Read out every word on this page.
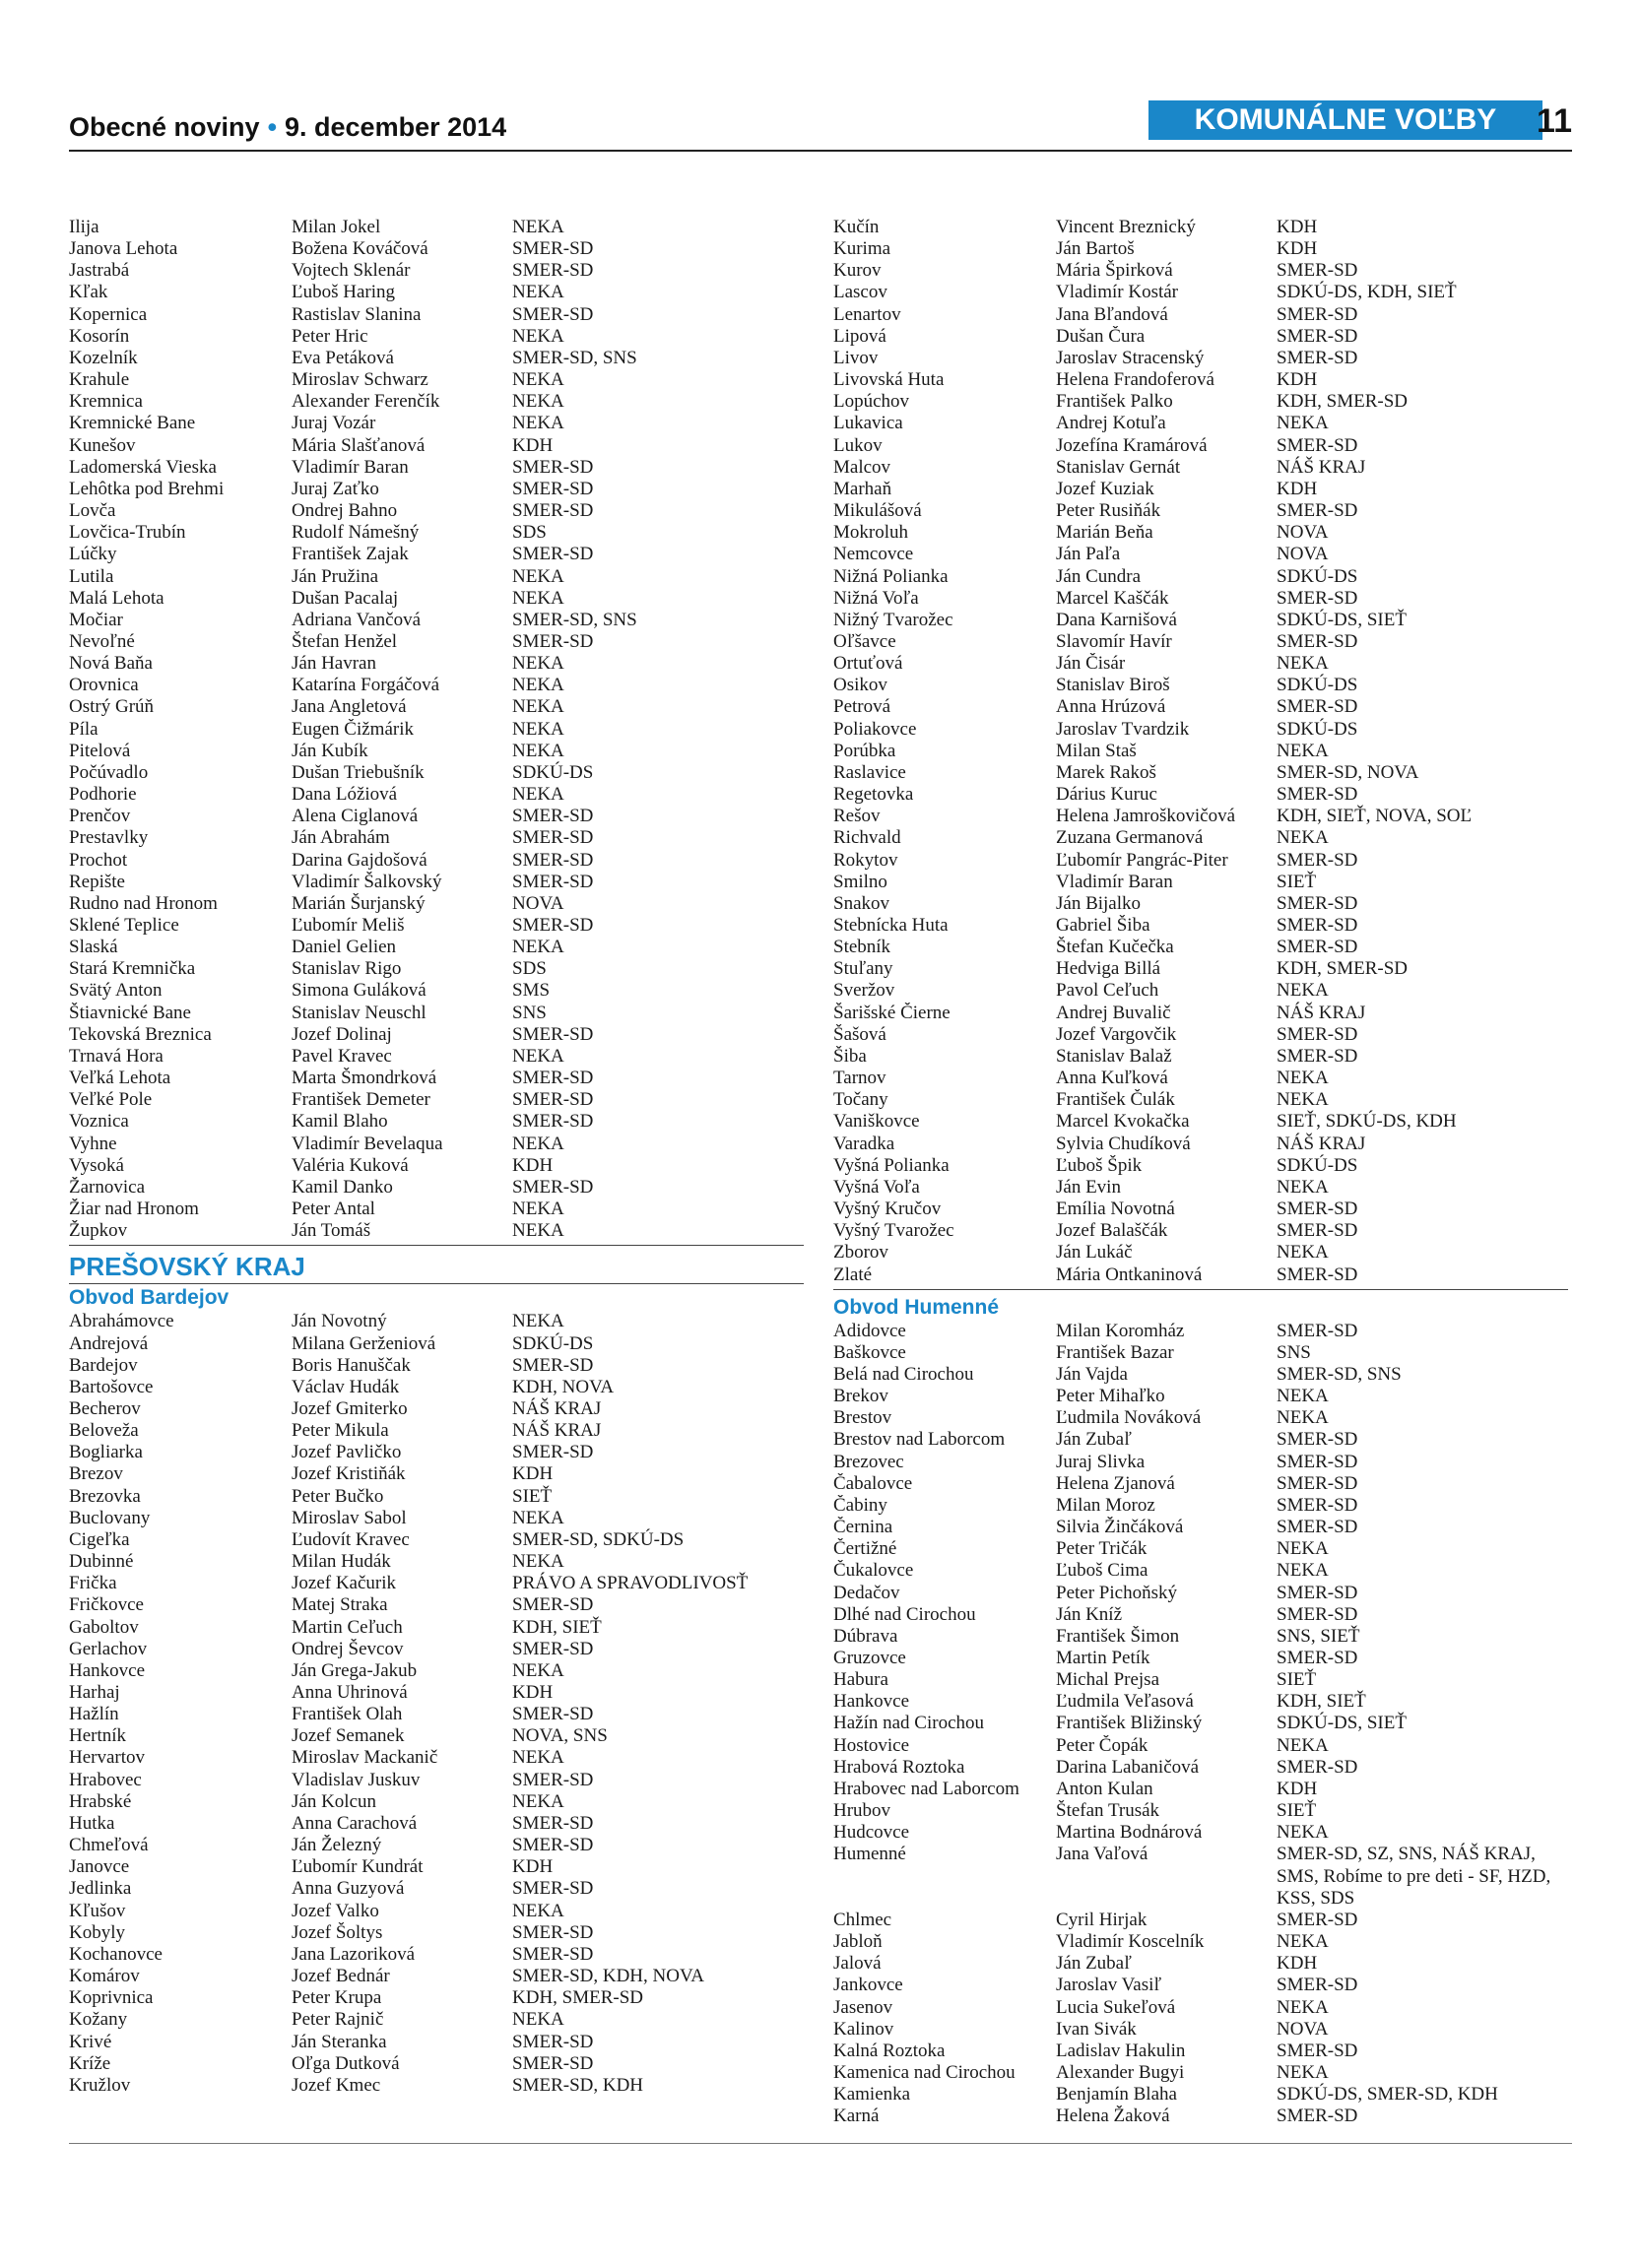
Obecné noviny • 9. december 2014	KOMUNÁLNE VOĽBY	11
Ilija	Milan Jokel	NEKA
Janova Lehota	Božena Kováčová	SMER-SD
Jastrabá	Vojtech Sklenár	SMER-SD
Kľak	Ľuboš Haring	NEKA
Kopernica	Rastislav Slanina	SMER-SD
Kosorín	Peter Hric	NEKA
Kozelník	Eva Petáková	SMER-SD, SNS
Krahule	Miroslav Schwarz	NEKA
Kremnica	Alexander Ferenčík	NEKA
Kremnické Bane	Juraj Vozár	NEKA
Kunešov	Mária Slašťanová	KDH
Ladomerská Vieska	Vladimír Baran	SMER-SD
Lehôtka pod Brehmi	Juraj Zaťko	SMER-SD
Lovča	Ondrej Bahno	SMER-SD
Lovčica-Trubín	Rudolf Námešný	SDS
Lúčky	František Zajak	SMER-SD
Lutila	Ján Pružina	NEKA
Malá Lehota	Dušan Pacalaj	NEKA
Močiar	Adriana Vančová	SMER-SD, SNS
Nevoľné	Štefan Henžel	SMER-SD
Nová Baňa	Ján Havran	NEKA
Orovnica	Katarína Forgáčová	NEKA
Ostrý Grúň	Jana Angletová	NEKA
Píla	Eugen Čižmárik	NEKA
Pitelová	Ján Kubík	NEKA
Počúvadlo	Dušan Triebušník	SDKÚ-DS
Podhorie	Dana Lóžiová	NEKA
Prenčov	Alena Ciglanová	SMER-SD
Prestavlky	Ján Abrahám	SMER-SD
Prochot	Darina Gajdošová	SMER-SD
Repište	Vladimír Šalkovský	SMER-SD
Rudno nad Hronom	Marián Šurjanský	NOVA
Sklené Teplice	Ľubomír Meliš	SMER-SD
Slaská	Daniel Gelien	NEKA
Stará Kremnička	Stanislav Rigo	SDS
Svätý Anton	Simona Guláková	SMS
Štiavnické Bane	Stanislav Neuschl	SNS
Tekovská Breznica	Jozef Dolinaj	SMER-SD
Trnavá Hora	Pavel Kravec	NEKA
Veľká Lehota	Marta Šmondrková	SMER-SD
Veľké Pole	František Demeter	SMER-SD
Voznica	Kamil Blaho	SMER-SD
Vyhne	Vladimír Bevelaqua	NEKA
Vysoká	Valéria Kuková	KDH
Žarnovica	Kamil Danko	SMER-SD
Žiar nad Hronom	Peter Antal	NEKA
Župkov	Ján Tomáš	NEKA
PREŠOVSKÝ KRAJ
Obvod Bardejov
Abrahámovce	Ján Novotný	NEKA
Andrejová	Milana Gerženiová	SDKÚ-DS
Bardejov	Boris Hanuščak	SMER-SD
Bartošovce	Václav Hudák	KDH, NOVA
Becherov	Jozef Gmiterko	NÁŠ KRAJ
Beloveža	Peter Mikula	NÁŠ KRAJ
Bogliarka	Jozef Pavličko	SMER-SD
Brezov	Jozef Kristiňák	KDH
Brezovka	Peter Bučko	SIEŤ
Buclovany	Miroslav Sabol	NEKA
Cigeľka	Ľudovít Kravec	SMER-SD, SDKÚ-DS
Dubinné	Milan Hudák	NEKA
Frička	Jozef Kačurik	PRÁVO A SPRAVODLIVOSŤ
Fričkovce	Matej Straka	SMER-SD
Gaboltov	Martin Ceľuch	KDH, SIEŤ
Gerlachov	Ondrej Ševcov	SMER-SD
Hankovce	Ján Grega-Jakub	NEKA
Harhaj	Anna Uhrinová	KDH
Hažlín	František Olah	SMER-SD
Hertník	Jozef Semanek	NOVA, SNS
Hervartov	Miroslav Mackanič	NEKA
Hrabovec	Vladislav Juskuv	SMER-SD
Hrabské	Ján Kolcun	NEKA
Hutka	Anna Carachová	SMER-SD
Chmeľová	Ján Železný	SMER-SD
Janovce	Ľubomír Kundrát	KDH
Jedlinka	Anna Guzyová	SMER-SD
Kľušov	Jozef Valko	NEKA
Kobyly	Jozef Šoltys	SMER-SD
Kochanovce	Jana Lazoriková	SMER-SD
Komárov	Jozef Bednár	SMER-SD, KDH, NOVA
Koprivnica	Peter Krupa	KDH, SMER-SD
Kožany	Peter Rajnič	NEKA
Krivé	Ján Steranka	SMER-SD
Kríže	Oľga Dutková	SMER-SD
Kružlov	Jozef Kmec	SMER-SD, KDH
Kučín	Vincent Breznický	KDH
Kurima	Ján Bartoš	KDH
Kurov	Mária Špirková	SMER-SD
Lascov	Vladimír Kostár	SDKÚ-DS, KDH, SIEŤ
Lenartov	Jana Bľandová	SMER-SD
Lipová	Dušan Čura	SMER-SD
Livov	Jaroslav Stracenský	SMER-SD
Livovská Huta	Helena Frandoferová	KDH
Lopúchov	František Palko	KDH, SMER-SD
Lukavica	Andrej Kotuľa	NEKA
Lukov	Jozefína Kramárová	SMER-SD
Malcov	Stanislav Gernát	NÁŠ KRAJ
Marhaň	Jozef Kuziak	KDH
Mikulášová	Peter Rusiňák	SMER-SD
Mokroluh	Marián Beňa	NOVA
Nemcovce	Ján Paľa	NOVA
Nižná Polianka	Ján Cundra	SDKÚ-DS
Nižná Voľa	Marcel Kaščák	SMER-SD
Nižný Tvarožec	Dana Karnišová	SDKÚ-DS, SIEŤ
Oľšavce	Slavomír Havír	SMER-SD
Ortuťová	Ján Čisár	NEKA
Osikov	Stanislav Biroš	SDKÚ-DS
Petrová	Anna Hrúzová	SMER-SD
Poliakovce	Jaroslav Tvardzik	SDKÚ-DS
Porúbka	Milan Staš	NEKA
Raslavice	Marek Rakoš	SMER-SD, NOVA
Regetovka	Dárius Kuruc	SMER-SD
Rešov	Helena Jamroškovičová	KDH, SIEŤ, NOVA, SOĽ
Richvald	Zuzana Germanová	NEKA
Rokytov	Ľubomír Pangrác-Piter	SMER-SD
Smilno	Vladimír Baran	SIEŤ
Snakov	Ján Bijalko	SMER-SD
Stebnícka Huta	Gabriel Šiba	SMER-SD
Stebník	Štefan Kučečka	SMER-SD
Stuľany	Hedviga Billá	KDH, SMER-SD
Sveržov	Pavol Ceľuch	NEKA
Šarišské Čierne	Andrej Buvalič	NÁŠ KRAJ
Šašová	Jozef Vargovčik	SMER-SD
Šiba	Stanislav Balaž	SMER-SD
Tarnov	Anna Kuľková	NEKA
Točany	František Čulák	NEKA
Vaniškovce	Marcel Kvokačka	SIEŤ, SDKÚ-DS, KDH
Varadka	Sylvia Chudíková	NÁŠ KRAJ
Vyšná Polianka	Ľuboš Špik	SDKÚ-DS
Vyšná Voľa	Ján Evin	NEKA
Vyšný Kručov	Emília Novotná	SMER-SD
Vyšný Tvarožec	Jozef Balaščák	SMER-SD
Zborov	Ján Lukáč	NEKA
Zlaté	Mária Ontkaninová	SMER-SD
Obvod Humenné
Adidovce	Milan Koromház	SMER-SD
Baškovce	František Bazar	SNS
Belá nad Cirochou	Ján Vajda	SMER-SD, SNS
Brekov	Peter Mihaľko	NEKA
Brestov	Ľudmila Nováková	NEKA
Brestov nad Laborcom	Ján Zubaľ	SMER-SD
Brezovec	Juraj Slivka	SMER-SD
Čabalovce	Helena Zjanová	SMER-SD
Čabiny	Milan Moroz	SMER-SD
Černina	Silvia Žinčáková	SMER-SD
Čertižné	Peter Tričák	NEKA
Čukalovce	Ľuboš Cima	NEKA
Dedačov	Peter Pichoňský	SMER-SD
Dlhé nad Cirochou	Ján Kníž	SMER-SD
Dúbrava	František Šimon	SNS, SIEŤ
Gruzovce	Martin Petík	SMER-SD
Habura	Michal Prejsa	SIEŤ
Hankovce	Ľudmila Veľasová	KDH, SIEŤ
Hažín nad Cirochou	František Bližinský	SDKÚ-DS, SIEŤ
Hostovice	Peter Čopák	NEKA
Hrabová Roztoka	Darina Labaničová	SMER-SD
Hrabovec nad Laborcom	Anton Kulan	KDH
Hrubov	Štefan Trusák	SIEŤ
Hudcovce	Martina Bodnárová	NEKA
Humenné	Jana Vaľová	SMER-SD, SZ, SNS, NÁŠ KRAJ, SMS, Robíme to pre deti - SF, HZD, KSS, SDS
Chlmec	Cyril Hirjak	SMER-SD
Jabloň	Vladimír Koscelník	NEKA
Jalová	Ján Zubaľ	KDH
Jankovce	Jaroslav Vasiľ	SMER-SD
Jasenov	Lucia Sukeľová	NEKA
Kalinov	Ivan Sivák	NOVA
Kalná Roztoka	Ladislav Hakulin	SMER-SD
Kamenica nad Cirochou	Alexander Bugyi	NEKA
Kamienka	Benjamín Blaha	SDKÚ-DS, SMER-SD, KDH
Karná	Helena Žaková	SMER-SD
